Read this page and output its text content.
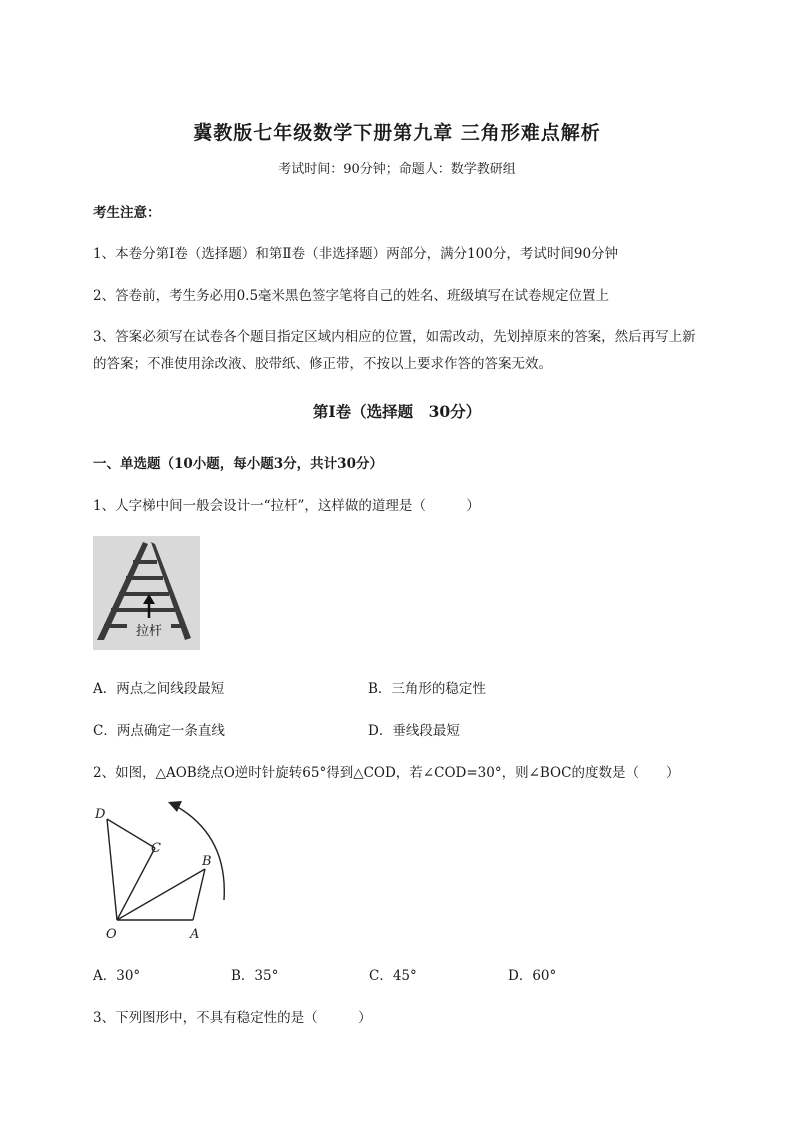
冀教版七年级数学下册第九章 三角形难点解析
考试时间：90分钟；命题人：数学教研组
考生注意：
1、本卷分第I卷（选择题）和第Ⅱ卷（非选择题）两部分，满分100分，考试时间90分钟
2、答卷前，考生务必用0.5毫米黑色签字笔将自己的姓名、班级填写在试卷规定位置上
3、答案必须写在试卷各个题目指定区域内相应的位置，如需改动，先划掉原来的答案，然后再写上新
的答案；不准使用涂改液、胶带纸、修正带，不按以上要求作答的答案无效。
第I卷（选择题　30分）
一、单选题（10小题，每小题3分，共计30分）
1、人字梯中间一般会设计一“拉杆”，这样做的道理是（　　　）
拉杆
A．两点之间线段最短	B．三角形的稳定性
C．两点确定一条直线	D．垂线段最短
2、如图，△AOB绕点O逆时针旋转65°得到△COD，若∠COD=30°，则∠BOC的度数是（　　）
D
C
B
O	A
A．30°	B．35°	C．45°	D．60°
3、下列图形中，不具有稳定性的是（　　　）
